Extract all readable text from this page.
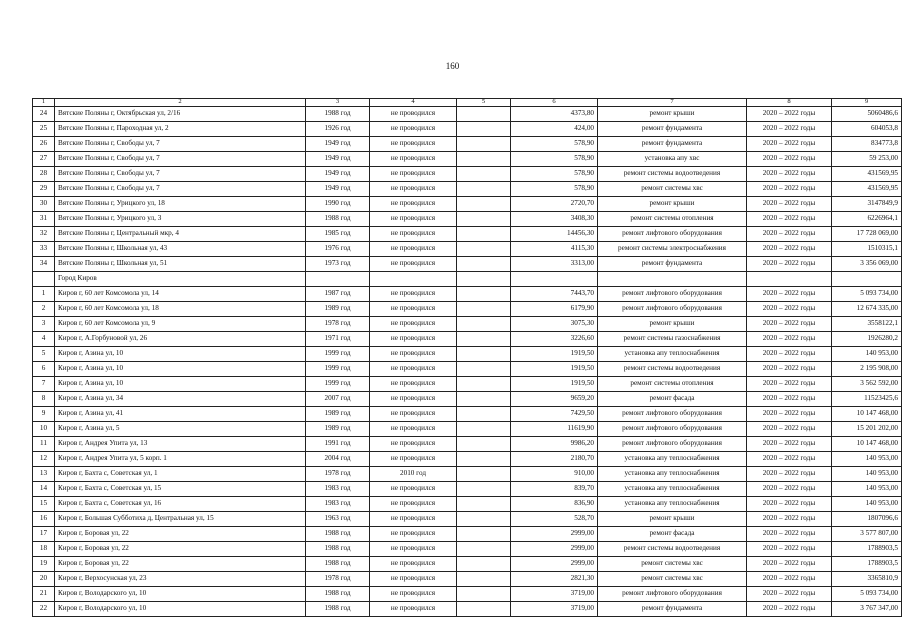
160
1	2	3	4	5	6	7	8	9
24	Вятские Поляны г, Октябрьская ул, 2/16	1988 год	не проводился		4373,80	ремонт крыши	2020 – 2022 годы	5060486,6
25	Вятские Поляны г, Пароходная ул, 2	1926 год	не проводился		424,00	ремонт фундамента	2020 – 2022 годы	604053,8
26	Вятские Поляны г, Свободы ул, 7	1949 год	не проводился		578,90	ремонт фундамента	2020 – 2022 годы	834773,8
27	Вятские Поляны г, Свободы ул, 7	1949 год	не проводился		578,90	установка апу хвс	2020 – 2022 годы	59 253,00
28	Вятские Поляны г, Свободы ул, 7	1949 год	не проводился		578,90	ремонт системы водоотведения	2020 – 2022 годы	431569,95
29	Вятские Поляны г, Свободы ул, 7	1949 год	не проводился		578,90	ремонт системы хвс	2020 – 2022 годы	431569,95
30	Вятские Поляны г, Урицкого ул, 18	1990 год	не проводился		2720,70	ремонт крыши	2020 – 2022 годы	3147849,9
31	Вятские Поляны г, Урицкого ул, 3	1988 год	не проводился		3408,30	ремонт системы отопления	2020 – 2022 годы	6226964,1
32	Вятские Поляны г, Центральный мкр, 4	1985 год	не проводился		14456,30	ремонт лифтового оборудования	2020 – 2022 годы	17 728 069,00
33	Вятские Поляны г, Школьная ул, 43	1976 год	не проводился		4115,30	ремонт системы электроснабжения	2020 – 2022 годы	1510315,1
34	Вятские Поляны г, Школьная ул, 51	1973 год	не проводился		3313,00	ремонт фундамента	2020 – 2022 годы	3 356 069,00
	Город Киров							
1	Киров г, 60 лет Комсомола ул, 14	1987 год	не проводился		7443,70	ремонт лифтового оборудования	2020 – 2022 годы	5 093 734,00
2	Киров г, 60 лет Комсомола ул, 18	1989 год	не проводился		6179,90	ремонт лифтового оборудования	2020 – 2022 годы	12 674 335,00
3	Киров г, 60 лет Комсомола ул, 9	1978 год	не проводился		3075,30	ремонт крыши	2020 – 2022 годы	3558122,1
4	Киров г, А.Горбуновой ул, 26	1971 год	не проводился		3226,60	ремонт системы газоснабжения	2020 – 2022 годы	1926280,2
5	Киров г, Азина ул, 10	1999 год	не проводился		1919,50	установка апу теплоснабжения	2020 – 2022 годы	140 953,00
6	Киров г, Азина ул, 10	1999 год	не проводился		1919,50	ремонт системы водоотведения	2020 – 2022 годы	2 195 908,00
7	Киров г, Азина ул, 10	1999 год	не проводился		1919,50	ремонт системы отопления	2020 – 2022 годы	3 562 592,00
8	Киров г, Азина ул, 34	2007 год	не проводился		9659,20	ремонт фасада	2020 – 2022 годы	11523425,6
9	Киров г, Азина ул, 41	1989 год	не проводился		7429,50	ремонт лифтового оборудования	2020 – 2022 годы	10 147 468,00
10	Киров г, Азина ул, 5	1989 год	не проводился		11619,90	ремонт лифтового оборудования	2020 – 2022 годы	15 201 202,00
11	Киров г, Андрея Упита ул, 13	1991 год	не проводился		9986,20	ремонт лифтового оборудования	2020 – 2022 годы	10 147 468,00
12	Киров г, Андрея Упита ул, 5 корп. 1	2004 год	не проводился		2180,70	установка апу теплоснабжения	2020 – 2022 годы	140 953,00
13	Киров г, Бахта с, Советская ул, 1	1978 год	2010 год		910,00	установка апу теплоснабжения	2020 – 2022 годы	140 953,00
14	Киров г, Бахта с, Советская ул, 15	1983 год	не проводился		839,70	установка апу теплоснабжения	2020 – 2022 годы	140 953,00
15	Киров г, Бахта с, Советская ул, 16	1983 год	не проводился		836,90	установка апу теплоснабжения	2020 – 2022 годы	140 953,00
16	Киров г, Большая Субботиха д, Центральная ул, 15	1963 год	не проводился		528,70	ремонт крыши	2020 – 2022 годы	1807096,6
17	Киров г, Боровая ул, 22	1988 год	не проводился		2999,00	ремонт фасада	2020 – 2022 годы	3 577 807,00
18	Киров г, Боровая ул, 22	1988 год	не проводился		2999,00	ремонт системы водоотведения	2020 – 2022 годы	1788903,5
19	Киров г, Боровая ул, 22	1988 год	не проводился		2999,00	ремонт системы хвс	2020 – 2022 годы	1788903,5
20	Киров г, Верхосунская ул, 23	1978 год	не проводился		2821,30	ремонт системы хвс	2020 – 2022 годы	3365810,9
21	Киров г, Володарского ул, 10	1988 год	не проводился		3719,00	ремонт лифтового оборудования	2020 – 2022 годы	5 093 734,00
22	Киров г, Володарского ул, 10	1988 год	не проводился		3719,00	ремонт фундамента	2020 – 2022 годы	3 767 347,00
